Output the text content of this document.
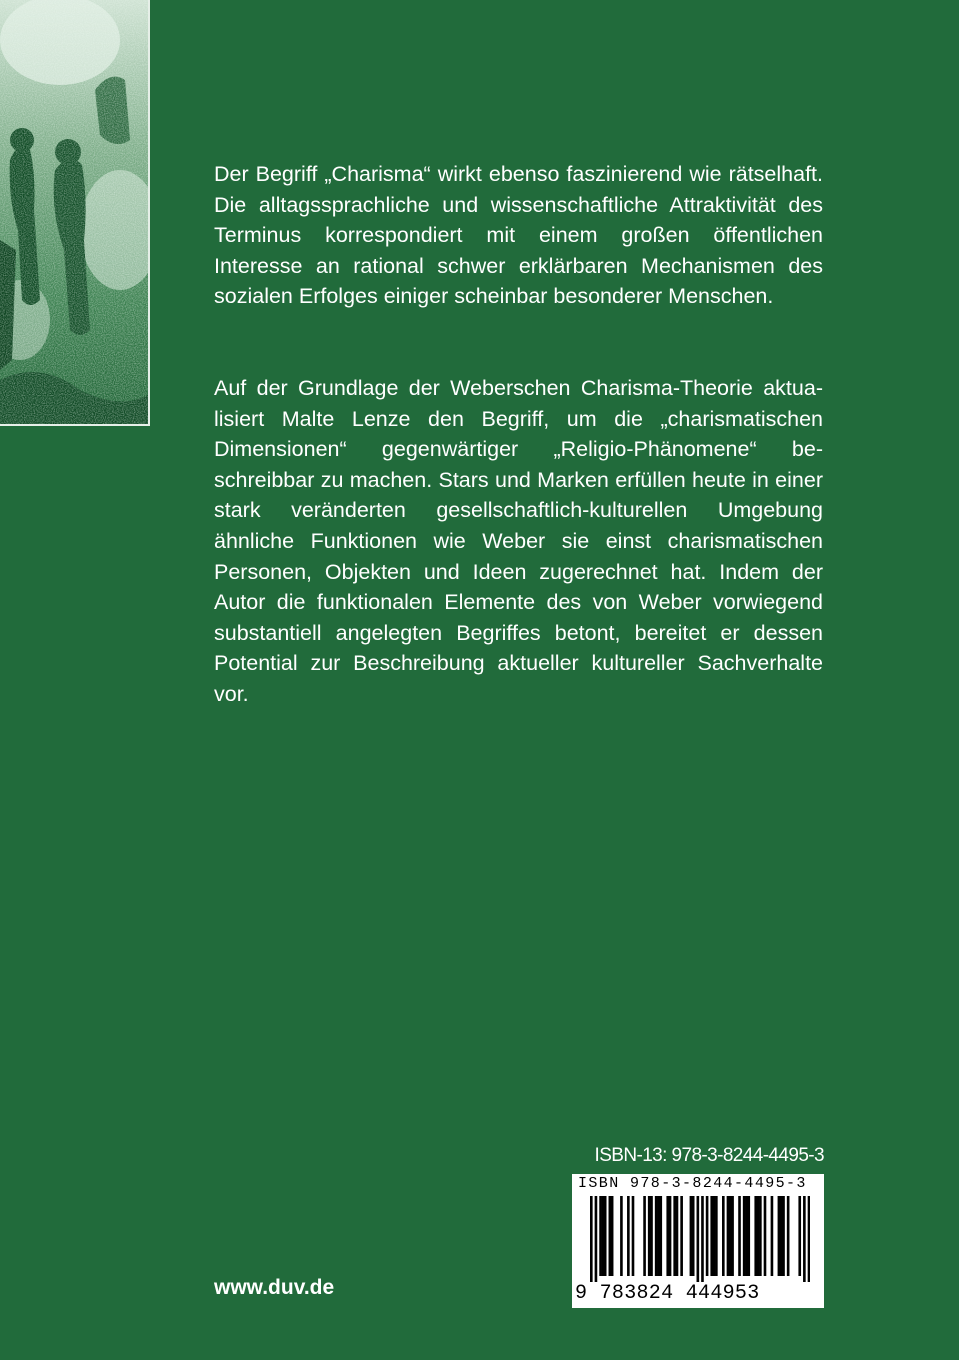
Der Begriff „Charisma“ wirkt ebenso faszinierend wie rätselhaft. Die alltagssprachliche und wissenschaftliche Attraktivität des Terminus korrespondiert mit einem großen öffentlichen Interesse an rational schwer erklärbaren Mechanismen des sozialen Erfolges einiger scheinbar besonderer Menschen.

Auf der Grundlage der Weberschen Charisma-Theorie aktualisiert Malte Lenze den Begriff, um die „charismatischen Dimensionen“ gegenwärtiger „Religio-Phänomene“ beschreibbar zu machen. Stars und Marken erfüllen heute in einer stark veränderten gesellschaftlich-kulturellen Umgebung ähnliche Funktionen wie Weber sie einst charismatischen Personen, Objekten und Ideen zugerechnet hat. Indem der Autor die funktionalen Elemente des von Weber vorwiegend substantiell angelegten Begriffes betont, bereitet er dessen Potential zur Beschreibung aktueller kultureller Sachverhalte vor.

ISBN-13: 978-3-8244-4495-3
ISBN 978-3-8244-4495-3
9 783824 444953
www.duv.de
